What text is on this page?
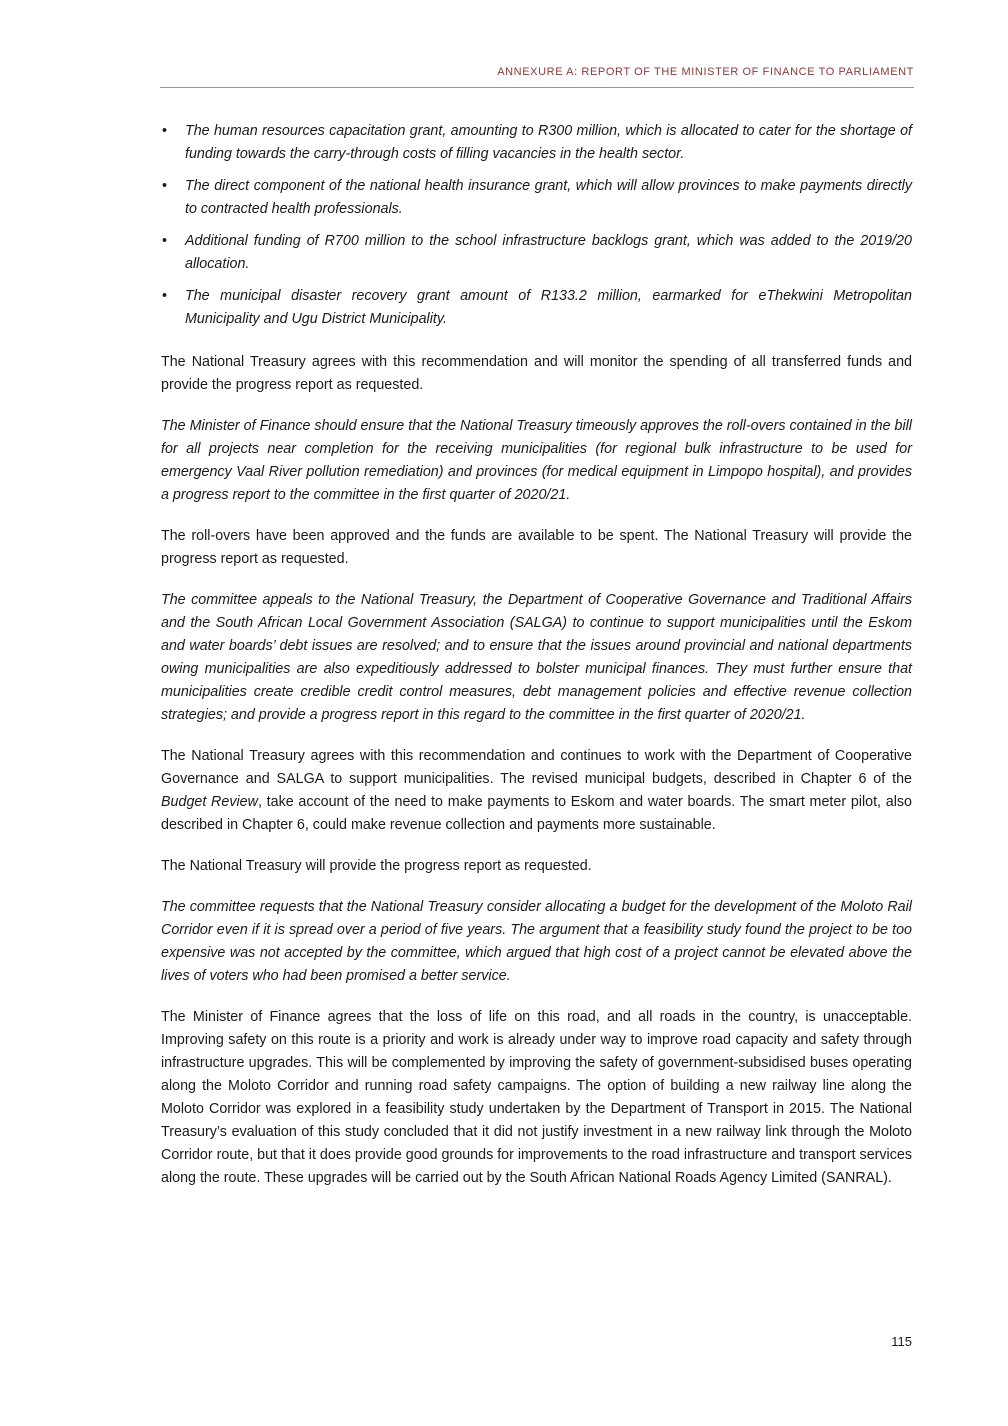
ANNEXURE A: REPORT OF THE MINISTER OF FINANCE TO PARLIAMENT
• The human resources capacitation grant, amounting to R300 million, which is allocated to cater for the shortage of funding towards the carry-through costs of filling vacancies in the health sector.
• The direct component of the national health insurance grant, which will allow provinces to make payments directly to contracted health professionals.
• Additional funding of R700 million to the school infrastructure backlogs grant, which was added to the 2019/20 allocation.
• The municipal disaster recovery grant amount of R133.2 million, earmarked for eThekwini Metropolitan Municipality and Ugu District Municipality.

The National Treasury agrees with this recommendation and will monitor the spending of all transferred funds and provide the progress report as requested.

The Minister of Finance should ensure that the National Treasury timeously approves the roll-overs contained in the bill for all projects near completion for the receiving municipalities (for regional bulk infrastructure to be used for emergency Vaal River pollution remediation) and provinces (for medical equipment in Limpopo hospital), and provides a progress report to the committee in the first quarter of 2020/21.

The roll-overs have been approved and the funds are available to be spent. The National Treasury will provide the progress report as requested.

The committee appeals to the National Treasury, the Department of Cooperative Governance and Traditional Affairs and the South African Local Government Association (SALGA) to continue to support municipalities until the Eskom and water boards’ debt issues are resolved; and to ensure that the issues around provincial and national departments owing municipalities are also expeditiously addressed to bolster municipal finances. They must further ensure that municipalities create credible credit control measures, debt management policies and effective revenue collection strategies; and provide a progress report in this regard to the committee in the first quarter of 2020/21.

The National Treasury agrees with this recommendation and continues to work with the Department of Cooperative Governance and SALGA to support municipalities. The revised municipal budgets, described in Chapter 6 of the Budget Review, take account of the need to make payments to Eskom and water boards. The smart meter pilot, also described in Chapter 6, could make revenue collection and payments more sustainable.

The National Treasury will provide the progress report as requested.

The committee requests that the National Treasury consider allocating a budget for the development of the Moloto Rail Corridor even if it is spread over a period of five years. The argument that a feasibility study found the project to be too expensive was not accepted by the committee, which argued that high cost of a project cannot be elevated above the lives of voters who had been promised a better service.

The Minister of Finance agrees that the loss of life on this road, and all roads in the country, is unacceptable. Improving safety on this route is a priority and work is already under way to improve road capacity and safety through infrastructure upgrades. This will be complemented by improving the safety of government-subsidised buses operating along the Moloto Corridor and running road safety campaigns. The option of building a new railway line along the Moloto Corridor was explored in a feasibility study undertaken by the Department of Transport in 2015. The National Treasury’s evaluation of this study concluded that it did not justify investment in a new railway link through the Moloto Corridor route, but that it does provide good grounds for improvements to the road infrastructure and transport services along the route. These upgrades will be carried out by the South African National Roads Agency Limited (SANRAL).

115
